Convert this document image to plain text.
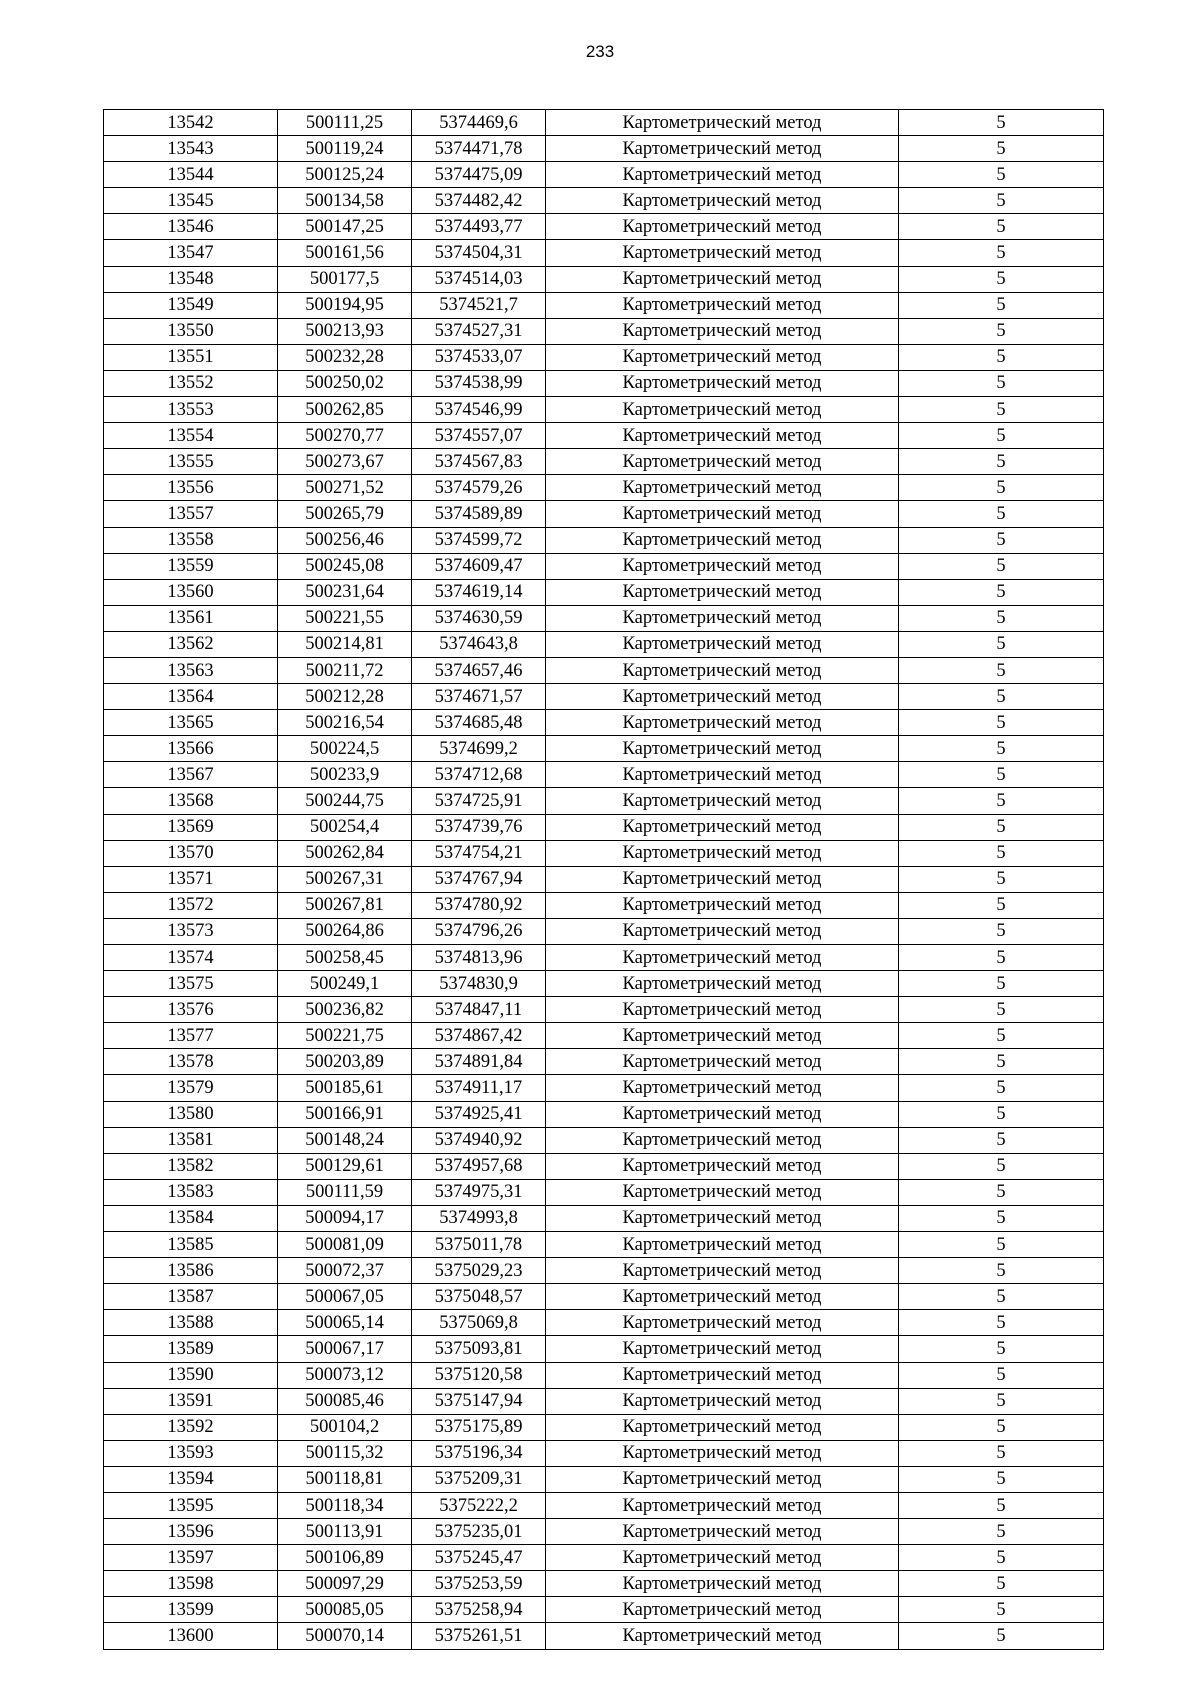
233
13542	500111,25	5374469,6	Картометрический метод	5
13543	500119,24	5374471,78	Картометрический метод	5
13544	500125,24	5374475,09	Картометрический метод	5
13545	500134,58	5374482,42	Картометрический метод	5
13546	500147,25	5374493,77	Картометрический метод	5
13547	500161,56	5374504,31	Картометрический метод	5
13548	500177,5	5374514,03	Картометрический метод	5
13549	500194,95	5374521,7	Картометрический метод	5
13550	500213,93	5374527,31	Картометрический метод	5
13551	500232,28	5374533,07	Картометрический метод	5
13552	500250,02	5374538,99	Картометрический метод	5
13553	500262,85	5374546,99	Картометрический метод	5
13554	500270,77	5374557,07	Картометрический метод	5
13555	500273,67	5374567,83	Картометрический метод	5
13556	500271,52	5374579,26	Картометрический метод	5
13557	500265,79	5374589,89	Картометрический метод	5
13558	500256,46	5374599,72	Картометрический метод	5
13559	500245,08	5374609,47	Картометрический метод	5
13560	500231,64	5374619,14	Картометрический метод	5
13561	500221,55	5374630,59	Картометрический метод	5
13562	500214,81	5374643,8	Картометрический метод	5
13563	500211,72	5374657,46	Картометрический метод	5
13564	500212,28	5374671,57	Картометрический метод	5
13565	500216,54	5374685,48	Картометрический метод	5
13566	500224,5	5374699,2	Картометрический метод	5
13567	500233,9	5374712,68	Картометрический метод	5
13568	500244,75	5374725,91	Картометрический метод	5
13569	500254,4	5374739,76	Картометрический метод	5
13570	500262,84	5374754,21	Картометрический метод	5
13571	500267,31	5374767,94	Картометрический метод	5
13572	500267,81	5374780,92	Картометрический метод	5
13573	500264,86	5374796,26	Картометрический метод	5
13574	500258,45	5374813,96	Картометрический метод	5
13575	500249,1	5374830,9	Картометрический метод	5
13576	500236,82	5374847,11	Картометрический метод	5
13577	500221,75	5374867,42	Картометрический метод	5
13578	500203,89	5374891,84	Картометрический метод	5
13579	500185,61	5374911,17	Картометрический метод	5
13580	500166,91	5374925,41	Картометрический метод	5
13581	500148,24	5374940,92	Картометрический метод	5
13582	500129,61	5374957,68	Картометрический метод	5
13583	500111,59	5374975,31	Картометрический метод	5
13584	500094,17	5374993,8	Картометрический метод	5
13585	500081,09	5375011,78	Картометрический метод	5
13586	500072,37	5375029,23	Картометрический метод	5
13587	500067,05	5375048,57	Картометрический метод	5
13588	500065,14	5375069,8	Картометрический метод	5
13589	500067,17	5375093,81	Картометрический метод	5
13590	500073,12	5375120,58	Картометрический метод	5
13591	500085,46	5375147,94	Картометрический метод	5
13592	500104,2	5375175,89	Картометрический метод	5
13593	500115,32	5375196,34	Картометрический метод	5
13594	500118,81	5375209,31	Картометрический метод	5
13595	500118,34	5375222,2	Картометрический метод	5
13596	500113,91	5375235,01	Картометрический метод	5
13597	500106,89	5375245,47	Картометрический метод	5
13598	500097,29	5375253,59	Картометрический метод	5
13599	500085,05	5375258,94	Картометрический метод	5
13600	500070,14	5375261,51	Картометрический метод	5
